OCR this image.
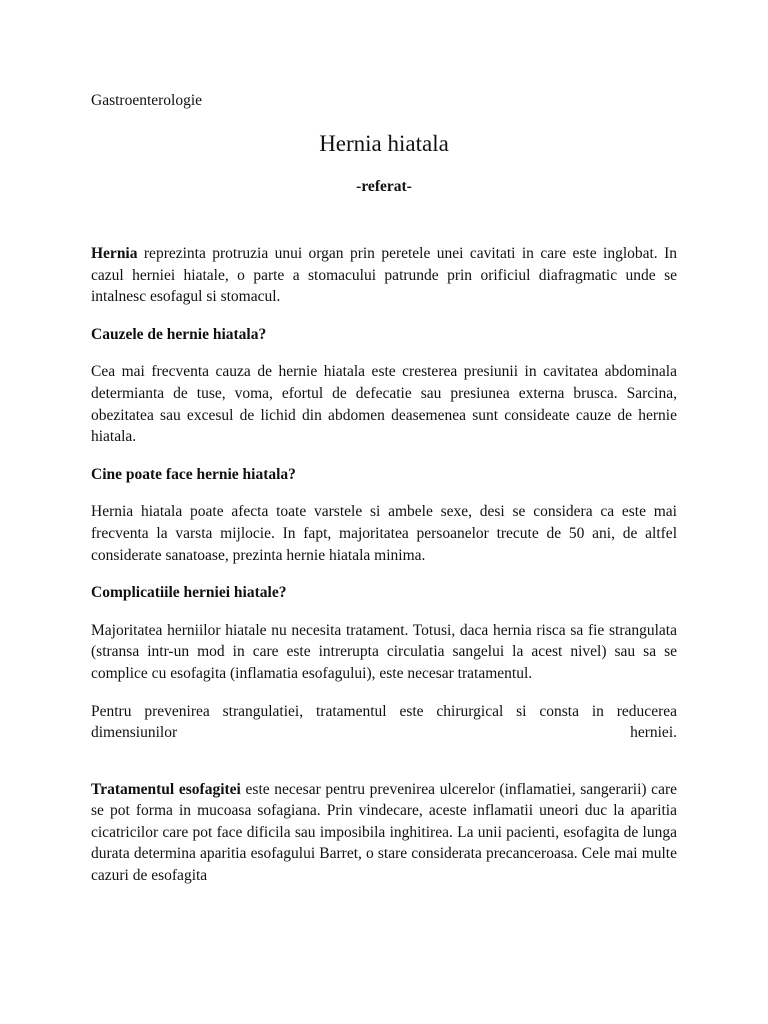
Gastroenterologie
Hernia hiatala
-referat-

Hernia reprezinta protruzia unui organ prin peretele unei cavitati in care este inglobat. In cazul herniei hiatale, o parte a stomacului patrunde prin orificiul diafragmatic unde se intalnesc esofagul si stomacul.

Cauzele de hernie hiatala?

Cea mai frecventa cauza de hernie hiatala este cresterea presiunii in cavitatea abdominala determianta de tuse, voma, efortul de defecatie sau presiunea externa brusca. Sarcina, obezitatea sau excesul de lichid din abdomen deasemenea sunt consideate cauze de hernie hiatala.

Cine poate face hernie hiatala?

Hernia hiatala poate afecta toate varstele si ambele sexe, desi se considera ca este mai frecventa la varsta mijlocie. In fapt, majoritatea persoanelor trecute de 50 ani, de altfel considerate sanatoase, prezinta hernie hiatala minima.

Complicatiile herniei hiatale?

Majoritatea herniilor hiatale nu necesita tratament. Totusi, daca hernia risca sa fie strangulata (stransa intr-un mod in care este intrerupta circulatia sangelui la acest nivel) sau sa se complice cu esofagita (inflamatia esofagului), este necesar tratamentul.

Pentru prevenirea strangulatiei, tratamentul este chirurgical si consta in reducerea dimensiunilor herniei.

Tratamentul esofagitei este necesar pentru prevenirea ulcerelor (inflamatiei, sangerarii) care se pot forma in mucoasa sofagiana. Prin vindecare, aceste inflamatii uneori duc la aparitia cicatricilor care pot face dificila sau imposibila inghitirea. La unii pacienti, esofagita de lunga durata determina aparitia esofagului Barret, o stare considerata precanceroasa. Cele mai multe cazuri de esofagita
